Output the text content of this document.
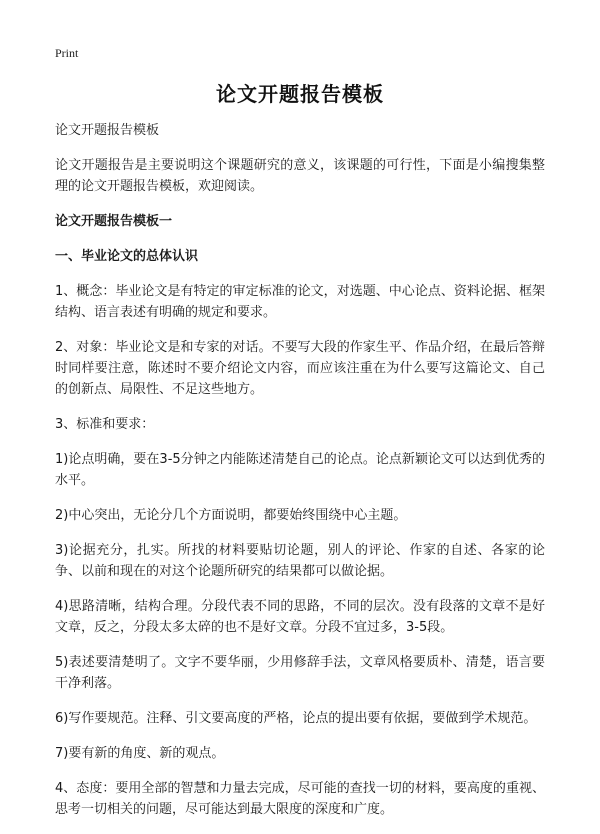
Print
论文开题报告模板

论文开题报告模板

论文开题报告是主要说明这个课题研究的意义，该课题的可行性，下面是小编搜集整理的论文开题报告模板，欢迎阅读。

论文开题报告模板一

一、毕业论文的总体认识

1、概念：毕业论文是有特定的审定标准的论文，对选题、中心论点、资料论据、框架结构、语言表述有明确的规定和要求。

2、对象：毕业论文是和专家的对话。不要写大段的作家生平、作品介绍，在最后答辩时同样要注意，陈述时不要介绍论文内容，而应该注重在为什么要写这篇论文、自己的创新点、局限性、不足这些地方。

3、标准和要求：

1)论点明确，要在3-5分钟之内能陈述清楚自己的论点。论点新颖论文可以达到优秀的水平。

2)中心突出，无论分几个方面说明，都要始终围绕中心主题。

3)论据充分，扎实。所找的材料要贴切论题，别人的评论、作家的自述、各家的论争、以前和现在的对这个论题所研究的结果都可以做论据。

4)思路清晰，结构合理。分段代表不同的思路，不同的层次。没有段落的文章不是好文章，反之，分段太多太碎的也不是好文章。分段不宜过多，3-5段。

5)表述要清楚明了。文字不要华丽，少用修辞手法，文章风格要质朴、清楚，语言要干净利落。

6)写作要规范。注释、引文要高度的严格，论点的提出要有依据，要做到学术规范。

7)要有新的角度、新的观点。

4、态度：要用全部的智慧和力量去完成，尽可能的查找一切的材料，要高度的重视、思考一切相关的问题，尽可能达到最大限度的深度和广度。
